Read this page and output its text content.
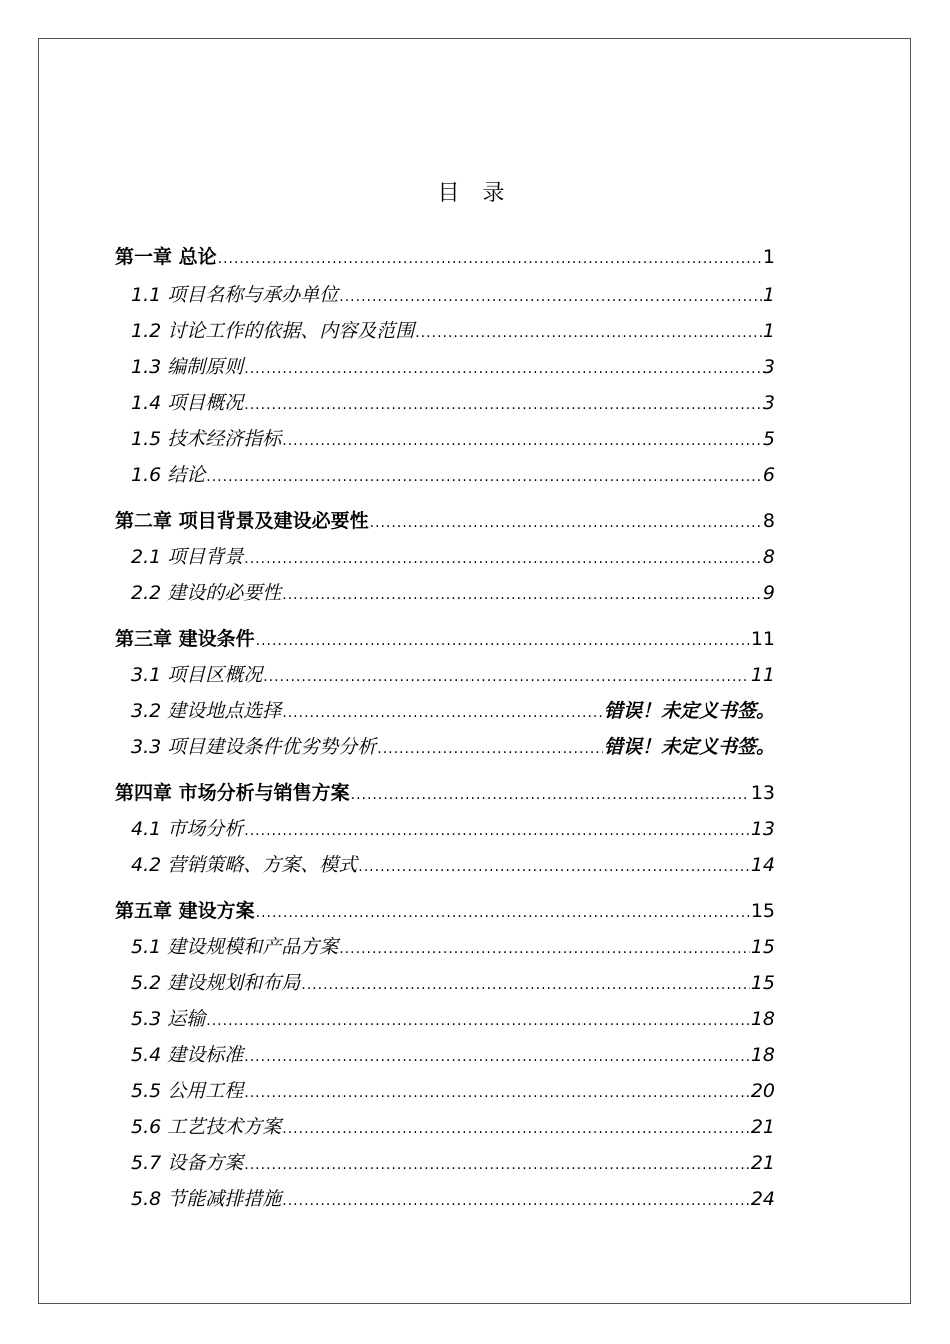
目 录
第一章 总论 .....	1
1.1 项目名称与承办单位 .....	1
1.2 讨论工作的依据、内容及范围 .....	1
1.3 编制原则 .....	3
1.4 项目概况 .....	3
1.5 技术经济指标 .....	5
1.6 结论 .....	6
第二章 项目背景及建设必要性 .....	8
2.1 项目背景 .....	8
2.2 建设的必要性 .....	9
第三章 建设条件 .....	11
3.1 项目区概况 .....	11
3.2 建设地点选择 .....	错误！未定义书签。
3.3 项目建设条件优劣势分析 .....	错误！未定义书签。
第四章 市场分析与销售方案 .....	13
4.1 市场分析 .....	13
4.2 营销策略、方案、模式 .....	14
第五章 建设方案 .....	15
5.1 建设规模和产品方案 .....	15
5.2 建设规划和布局 .....	15
5.3 运输 .....	18
5.4 建设标准 .....	18
5.5 公用工程 .....	20
5.6 工艺技术方案 .....	21
5.7 设备方案 .....	21
5.8 节能减排措施 .....	24
